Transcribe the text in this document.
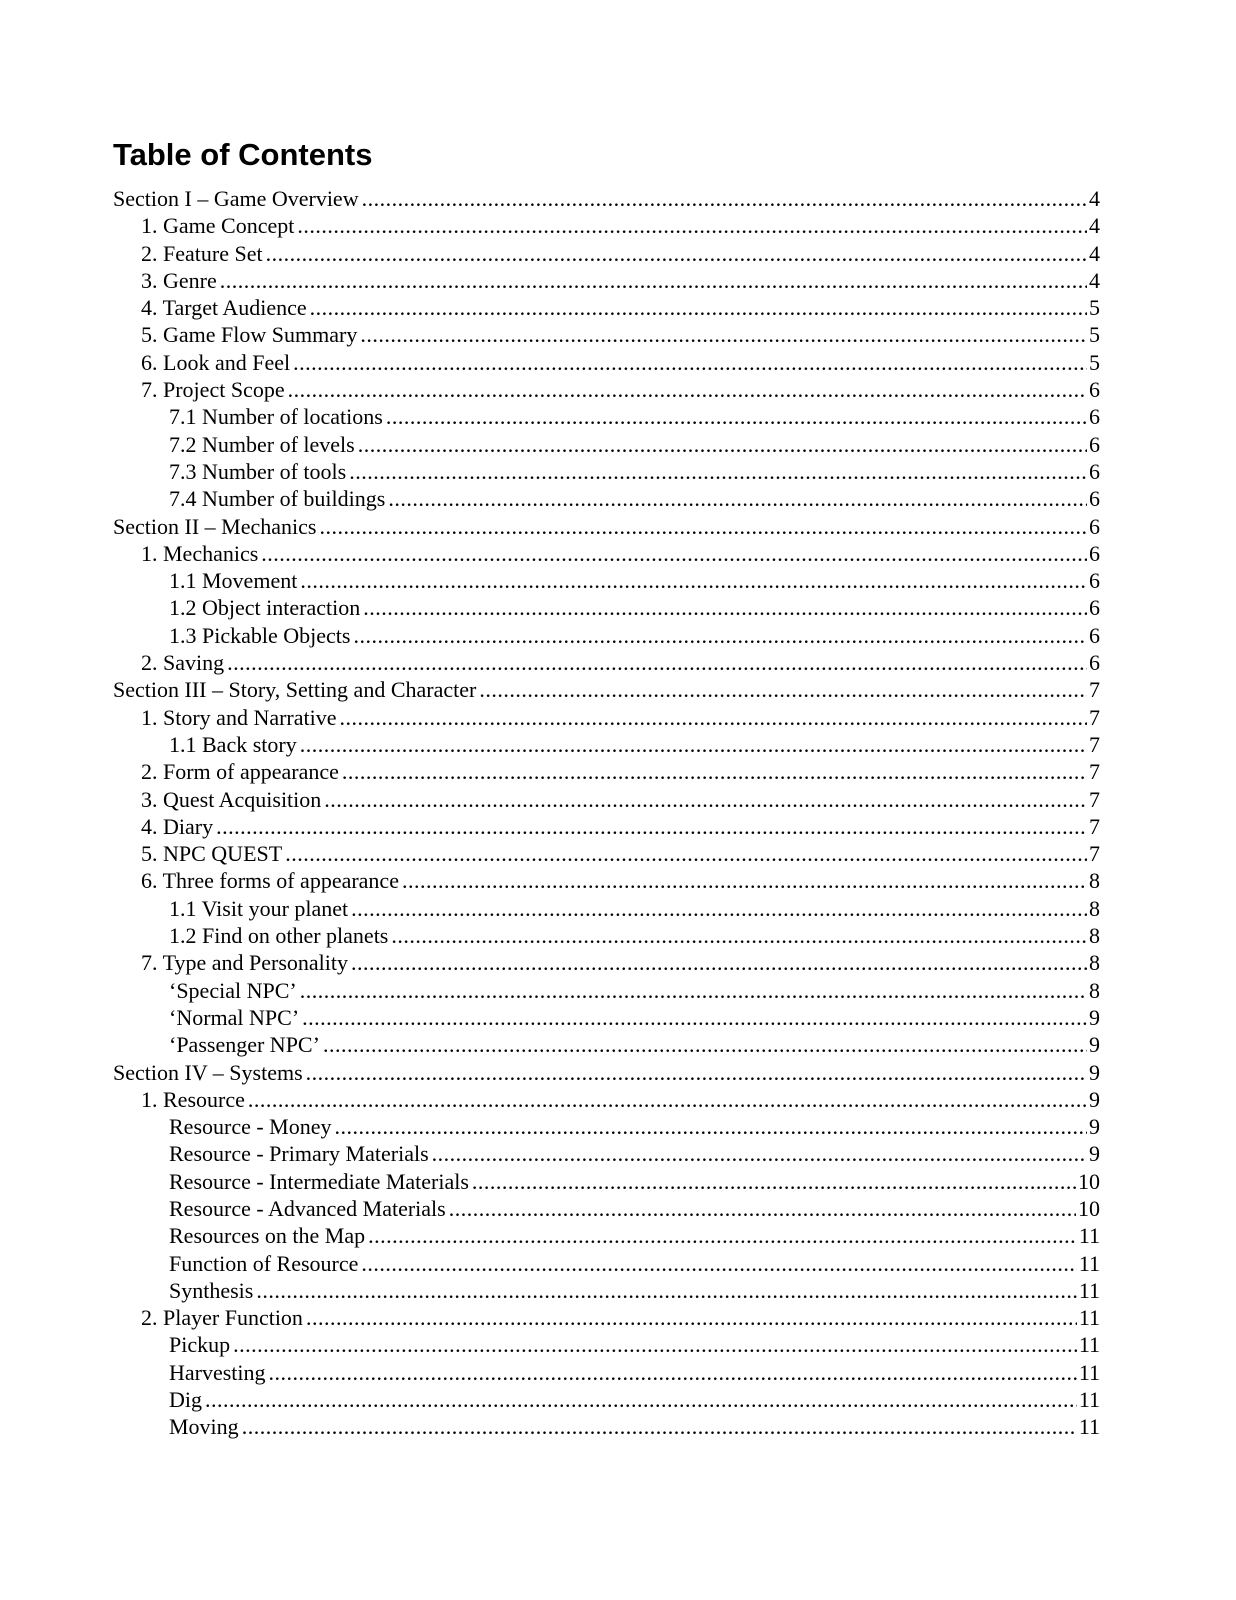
Table of Contents
Section I – Game Overview .....	4
1. Game Concept .....	4
2. Feature Set .....	4
3. Genre .....	4
4. Target Audience .....	5
5. Game Flow Summary .....	5
6. Look and Feel .....	5
7. Project Scope .....	6
7.1 Number of locations .....	6
7.2 Number of levels .....	6
7.3 Number of tools .....	6
7.4 Number of buildings .....	6
Section II – Mechanics .....	6
1. Mechanics .....	6
1.1 Movement .....	6
1.2 Object interaction .....	6
1.3 Pickable Objects .....	6
2. Saving .....	6
Section III – Story, Setting and Character .....	7
1. Story and Narrative .....	7
1.1 Back story .....	7
2. Form of appearance .....	7
3. Quest Acquisition .....	7
4. Diary .....	7
5. NPC QUEST .....	7
6. Three forms of appearance .....	8
1.1 Visit your planet .....	8
1.2 Find on other planets .....	8
7. Type and Personality .....	8
‘Special NPC’ .....	8
‘Normal NPC’ .....	9
‘Passenger NPC’ .....	9
Section IV – Systems .....	9
1. Resource .....	9
Resource - Money .....	9
Resource - Primary Materials .....	9
Resource - Intermediate Materials .....	10
Resource - Advanced Materials .....	10
Resources on the Map .....	11
Function of Resource .....	11
Synthesis .....	11
2. Player Function .....	11
Pickup .....	11
Harvesting .....	11
Dig .....	11
Moving .....	11
